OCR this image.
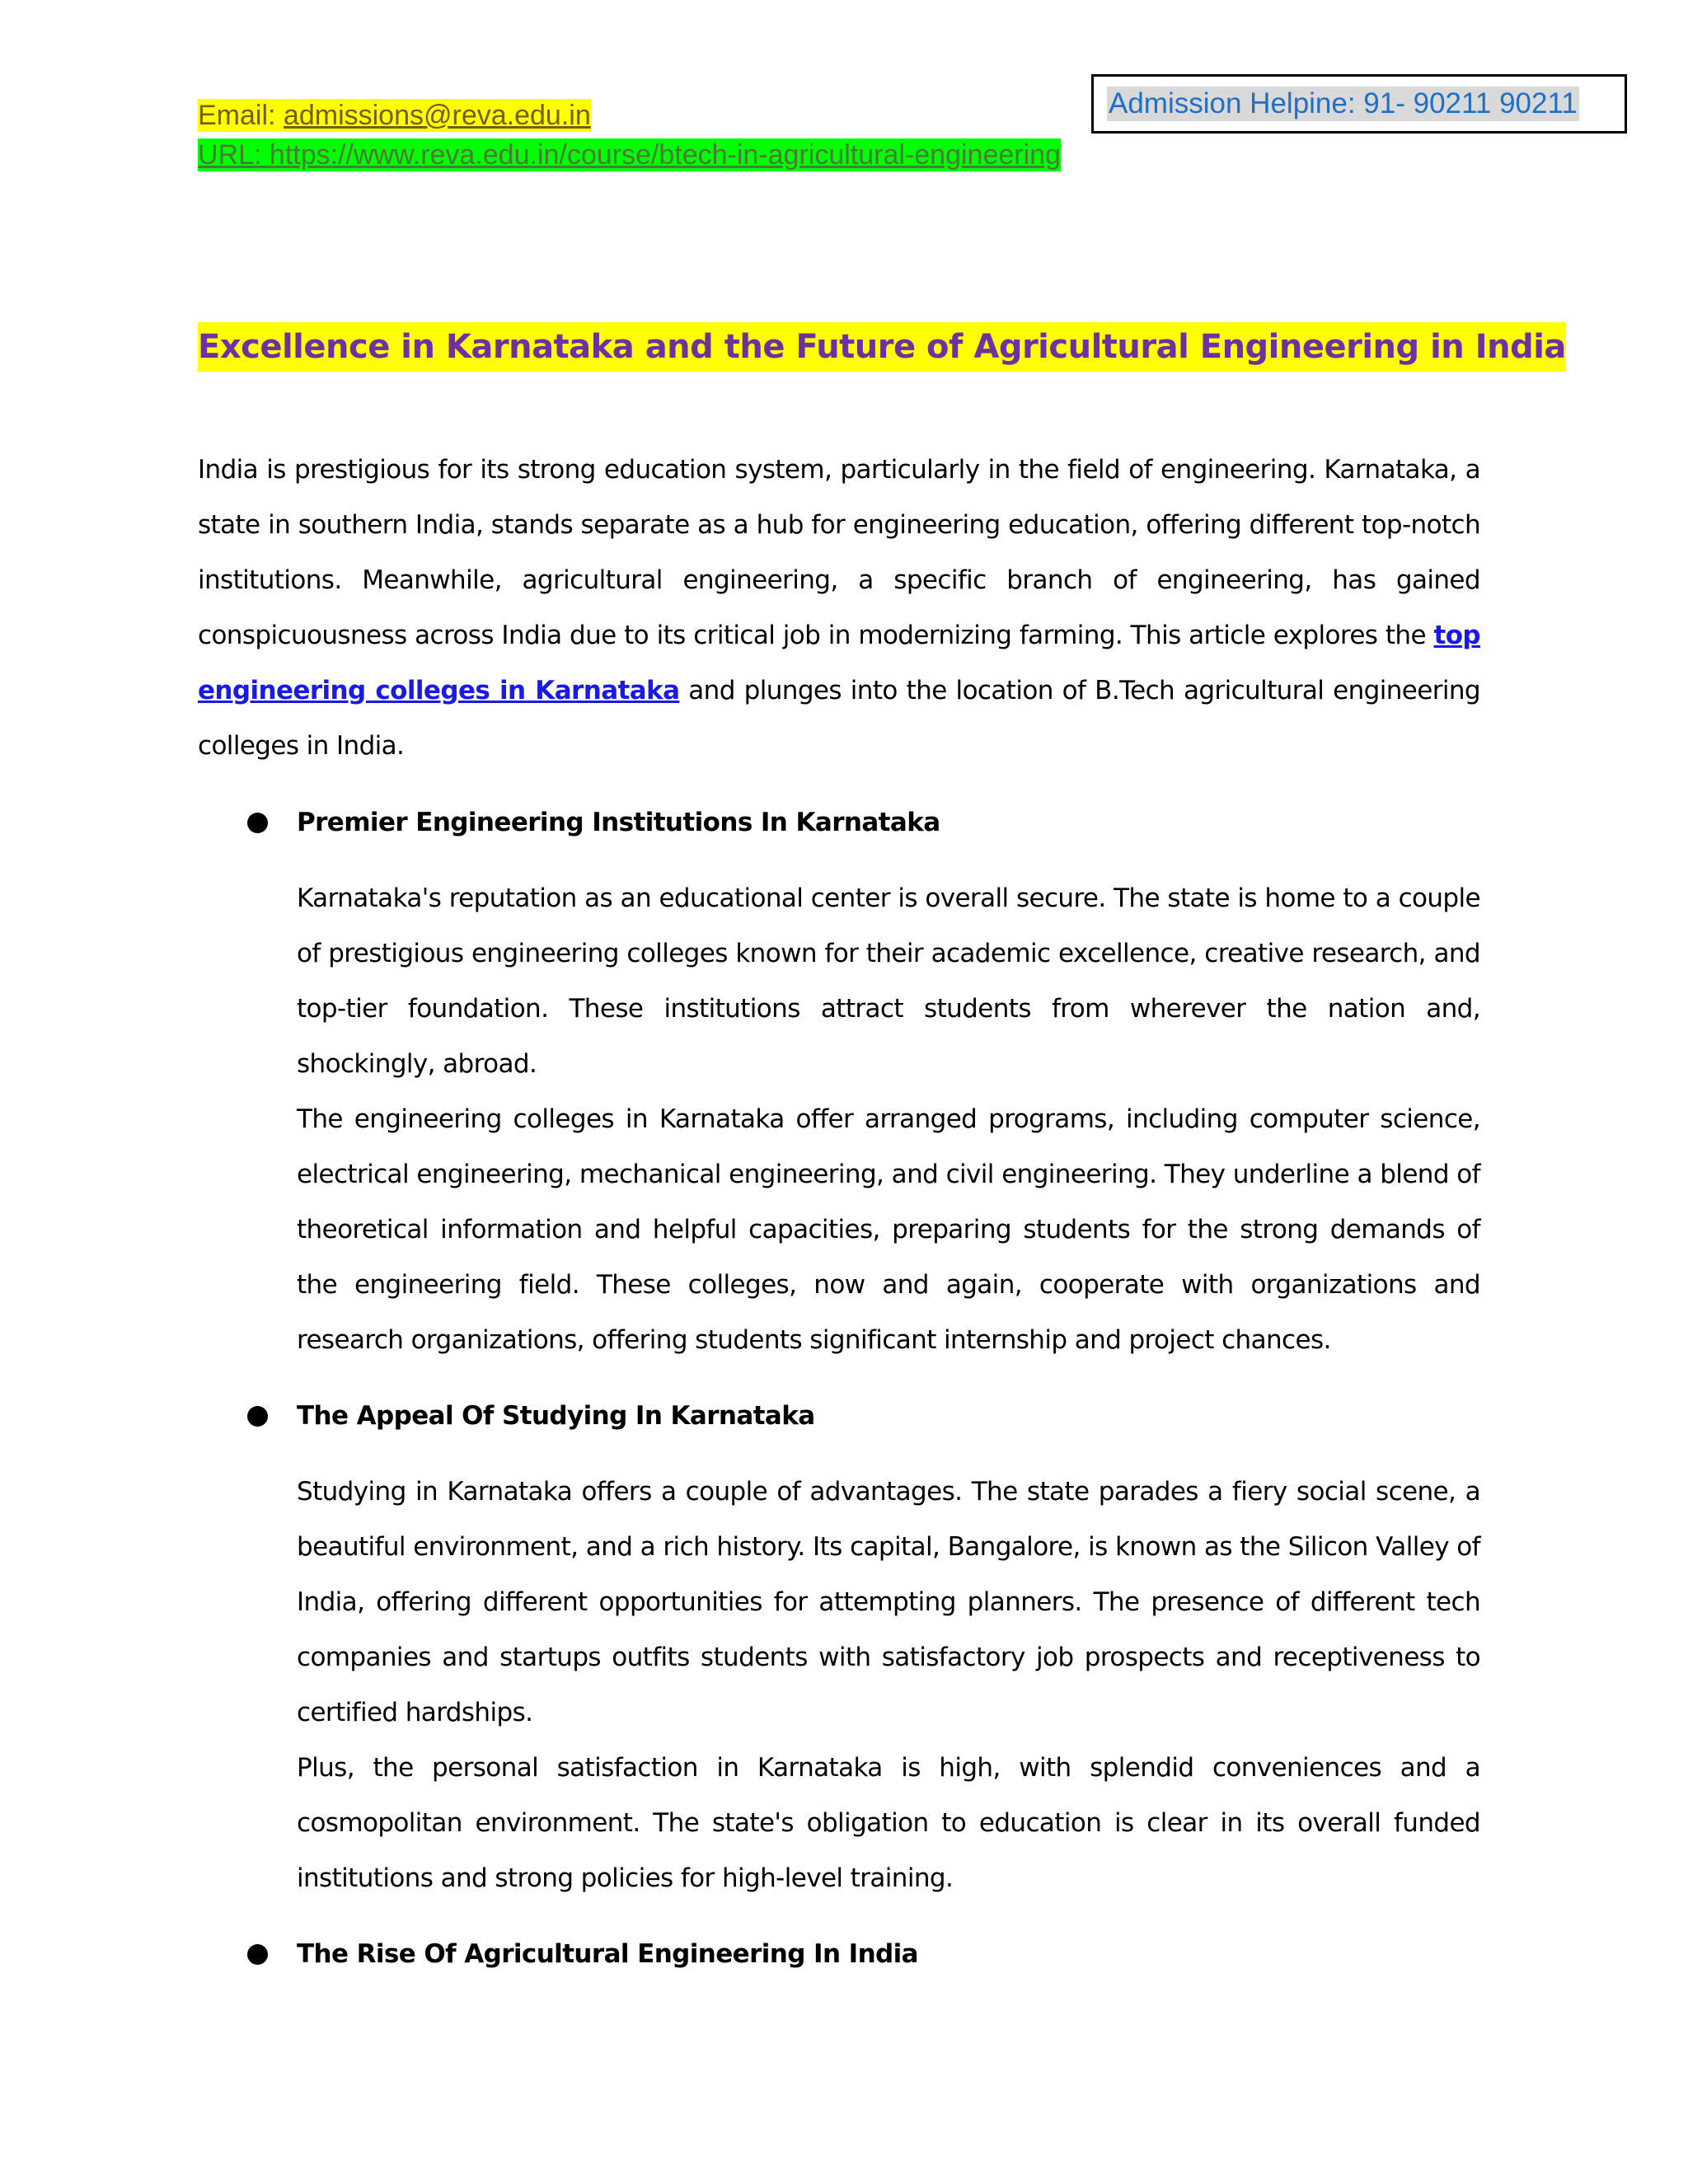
Admission Helpine: 91- 90211 90211
Email: admissions@reva.edu.in
URL: https://www.reva.edu.in/course/btech-in-agricultural-engineering
Excellence in Karnataka and the Future of Agricultural Engineering in India

India is prestigious for its strong education system, particularly in the field of engineering. Karnataka, a state in southern India, stands separate as a hub for engineering education, offering different top-notch institutions. Meanwhile, agricultural engineering, a specific branch of engineering, has gained conspicuousness across India due to its critical job in modernizing farming. This article explores the top engineering colleges in Karnataka and plunges into the location of B.Tech agricultural engineering colleges in India.

Premier Engineering Institutions In Karnataka

Karnataka's reputation as an educational center is overall secure. The state is home to a couple of prestigious engineering colleges known for their academic excellence, creative research, and top-tier foundation. These institutions attract students from wherever the nation and, shockingly, abroad.

The engineering colleges in Karnataka offer arranged programs, including computer science, electrical engineering, mechanical engineering, and civil engineering. They underline a blend of theoretical information and helpful capacities, preparing students for the strong demands of the engineering field. These colleges, now and again, cooperate with organizations and research organizations, offering students significant internship and project chances.

The Appeal Of Studying In Karnataka

Studying in Karnataka offers a couple of advantages. The state parades a fiery social scene, a beautiful environment, and a rich history. Its capital, Bangalore, is known as the Silicon Valley of India, offering different opportunities for attempting planners. The presence of different tech companies and startups outfits students with satisfactory job prospects and receptiveness to certified hardships.

Plus, the personal satisfaction in Karnataka is high, with splendid conveniences and a cosmopolitan environment. The state's obligation to education is clear in its overall funded institutions and strong policies for high-level training.

The Rise Of Agricultural Engineering In India
